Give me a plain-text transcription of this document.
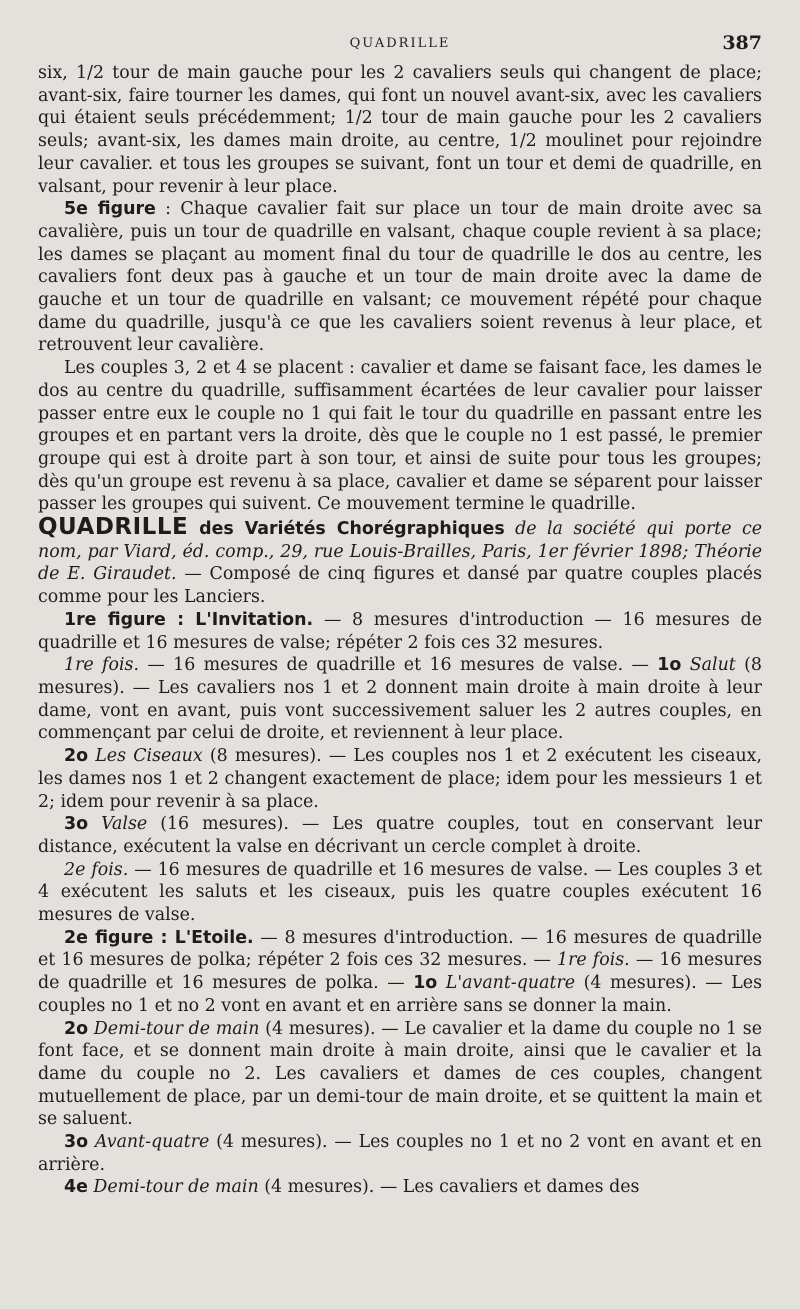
QUADRILLE	387

six, 1/2 tour de main gauche pour les 2 cavaliers seuls qui changent de place; avant-six, faire tourner les dames, qui font un nouvel avant-six, avec les cavaliers qui étaient seuls précédemment; 1/2 tour de main gauche pour les 2 cavaliers seuls; avant-six, les dames main droite, au centre, 1/2 moulinet pour rejoindre leur cavalier. et tous les groupes se suivant, font un tour et demi de quadrille, en valsant, pour revenir à leur place.

5e figure : Chaque cavalier fait sur place un tour de main droite avec sa cavalière, puis un tour de quadrille en valsant, chaque couple revient à sa place; les dames se plaçant au moment final du tour de quadrille le dos au centre, les cavaliers font deux pas à gauche et un tour de main droite avec la dame de gauche et un tour de quadrille en valsant; ce mouvement répété pour chaque dame du quadrille, jusqu'à ce que les cavaliers soient revenus à leur place, et retrouvent leur cavalière.

Les couples 3, 2 et 4 se placent : cavalier et dame se faisant face, les dames le dos au centre du quadrille, suffisamment écartées de leur cavalier pour laisser passer entre eux le couple no 1 qui fait le tour du quadrille en passant entre les groupes et en partant vers la droite, dès que le couple no 1 est passé, le premier groupe qui est à droite part à son tour, et ainsi de suite pour tous les groupes; dès qu'un groupe est revenu à sa place, cavalier et dame se séparent pour laisser passer les groupes qui suivent. Ce mouvement termine le quadrille.

QUADRILLE des Variétés Chorégraphiques de la société qui porte ce nom, par Viard, éd. comp., 29, rue Louis-Brailles, Paris, 1er février 1898; Théorie de E. Giraudet. — Composé de cinq figures et dansé par quatre couples placés comme pour les Lanciers.

1re figure : L'Invitation. — 8 mesures d'introduction — 16 mesures de quadrille et 16 mesures de valse; répéter 2 fois ces 32 mesures.

1re fois. — 16 mesures de quadrille et 16 mesures de valse. — 1o Salut (8 mesures). — Les cavaliers nos 1 et 2 donnent main droite à main droite à leur dame, vont en avant, puis vont successivement saluer les 2 autres couples, en commençant par celui de droite, et reviennent à leur place.

2o Les Ciseaux (8 mesures). — Les couples nos 1 et 2 exécutent les ciseaux, les dames nos 1 et 2 changent exactement de place; idem pour les messieurs 1 et 2; idem pour revenir à sa place.

3o Valse (16 mesures). — Les quatre couples, tout en conservant leur distance, exécutent la valse en décrivant un cercle complet à droite.

2e fois. — 16 mesures de quadrille et 16 mesures de valse. — Les couples 3 et 4 exécutent les saluts et les ciseaux, puis les quatre couples exécutent 16 mesures de valse.

2e figure : L'Etoile. — 8 mesures d'introduction. — 16 mesures de quadrille et 16 mesures de polka; répéter 2 fois ces 32 mesures. — 1re fois. — 16 mesures de quadrille et 16 mesures de polka. — 1o L'avant-quatre (4 mesures). — Les couples no 1 et no 2 vont en avant et en arrière sans se donner la main.

2o Demi-tour de main (4 mesures). — Le cavalier et la dame du couple no 1 se font face, et se donnent main droite à main droite, ainsi que le cavalier et la dame du couple no 2. Les cavaliers et dames de ces couples, changent mutuellement de place, par un demi-tour de main droite, et se quittent la main et se saluent.

3o Avant-quatre (4 mesures). — Les couples no 1 et no 2 vont en avant et en arrière.

4e Demi-tour de main (4 mesures). — Les cavaliers et dames des
